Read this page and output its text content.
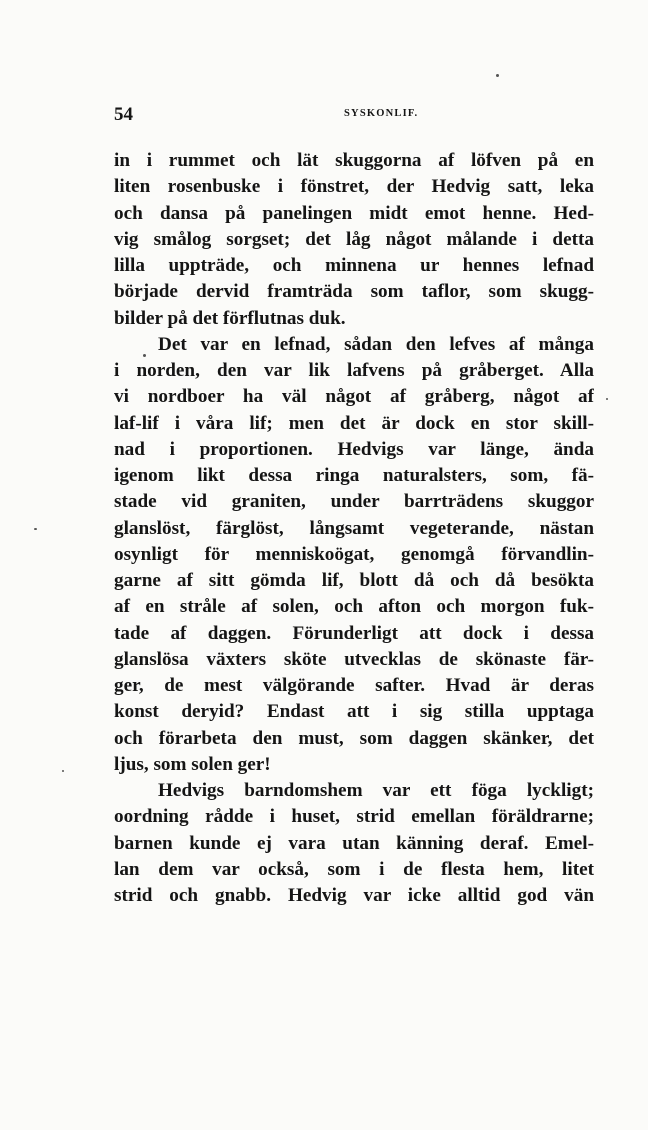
54	SYSKONLIF.
in i rummet och lät skuggorna af löfven på en
liten rosenbuske i fönstret, der Hedvig satt, leka
och dansa på panelingen midt emot henne. Hed-
vig smålog sorgset; det låg något målande i detta
lilla uppträde, och minnena ur hennes lefnad
började dervid framträda som taflor, som skugg-
bilder på det förflutnas duk.
Det var en lefnad, sådan den lefves af många
i norden, den var lik lafvens på gråberget. Alla
vi nordboer ha väl något af gråberg, något af
laf-lif i våra lif; men det är dock en stor skill-
nad i proportionen. Hedvigs var länge, ända
igenom likt dessa ringa naturalsters, som, fä-
stade vid graniten, under barrträdens skuggor
glanslöst, färglöst, långsamt vegeterande, nästan
osynligt för menniskoögat, genomgå förvandlin-
garne af sitt gömda lif, blott då och då besökta
af en stråle af solen, och afton och morgon fuk-
tade af daggen. Förunderligt att dock i dessa
glanslösa växters sköte utvecklas de skönaste fär-
ger, de mest välgörande safter. Hvad är deras
konst deryid? Endast att i sig stilla upptaga
och förarbeta den must, som daggen skänker, det
ljus, som solen ger!
Hedvigs barndomshem var ett föga lyckligt;
oordning rådde i huset, strid emellan föräldrarne;
barnen kunde ej vara utan känning deraf. Emel-
lan dem var också, som i de flesta hem, litet
strid och gnabb. Hedvig var icke alltid god vän
